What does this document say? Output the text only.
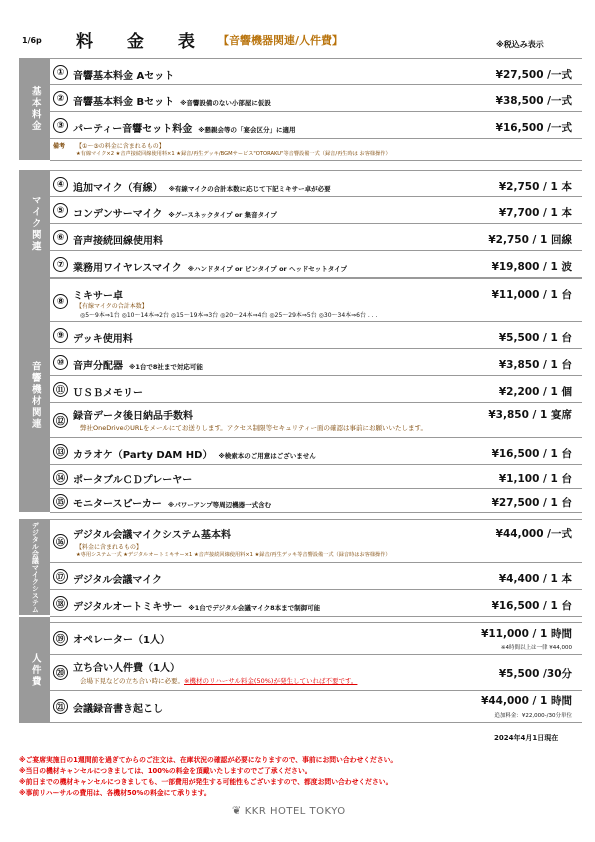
1/6p 料 金 表 【音響機器関連/人件費】	※税込み表示
基本料金
マイク関連
音響機材関連
デジタル会議マイクシステム
人件費
① 音響基本料金 Aセット	¥27,500 /一式
② 音響基本料金 Bセット ※音響設備のない小部屋に仮設	¥38,500 /一式
③ パーティー音響セット料金 ※懇親会等の「宴会区分」に適用	¥16,500 /一式
備考 【①～③の料金に含まれるもの】
★有線マイク×2 ★音声接続回線使用料×1 ★録音/再生デッキ/BGMサービス"OTORAKU"等音響設備一式（録音/再生時は お客様操作）
④ 追加マイク（有線） ※有線マイクの合計本数に応じて下記ミキサー卓が必要	¥2,750 / 1 本
⑤ コンデンサーマイク ※グースネックタイプ or 集音タイプ	¥7,700 / 1 本
⑥ 音声接続回線使用料	¥2,750 / 1 回線
⑦ 業務用ワイヤレスマイク ※ハンドタイプ or ピンタイプ or ヘッドセットタイプ	¥19,800 / 1 波
⑧ ミキサー卓	¥11,000 / 1 台
【有線マイクの合計本数】
◎5～9本⇒1台 ◎10～14本⇒2台 ◎15～19本⇒3台 ◎20～24本⇒4台 ◎25～29本⇒5台 ◎30～34本⇒6台 . . .
⑨ デッキ使用料	¥5,500 / 1 台
⑩ 音声分配器 ※1台で8社まで対応可能	¥3,850 / 1 台
⑪ ＵＳＢメモリー	¥2,200 / 1 個
⑫ 録音データ後日納品手数料	¥3,850 / 1 宴席
弊社OneDriveのURLをメールにてお送りします。アクセス制限等セキュリティー面の確認は事前にお願いいたします。
⑬ カラオケ（Party DAM HD） ※検索本のご用意はございません	¥16,500 / 1 台
⑭ ポータブルＣＤプレーヤー	¥1,100 / 1 台
⑮ モニタースピーカー ※パワーアンプ等周辺機器一式含む	¥27,500 / 1 台
⑯
デジタル会議マイクシステム基本料	¥44,000 /一式
【料金に含まれるもの】
★専用システム一式 ★デジタルオートミキサー×1 ★音声接続回線使用料×1 ★録音/再生デッキ等音響設備一式（録音時はお客様操作）
⑰ デジタル会議マイク	¥4,400 / 1 本
⑱ デジタルオートミキサー ※1台でデジタル会議マイク8本まで制御可能	¥16,500 / 1 台
⑲ オペレーター（1人）
¥11,000 / 1 時間
※4時間以上は一律 ¥44,000
⑳ 立ち合い人件費（1人）	¥5,500 /30分
会場下見などの立ち合い時に必要。※機材のリハーサル料金(50%)が発生していれば不要です。
㉑ 会議録音書き起こし
¥44,000 / 1 時間
追加料金：¥22,000-/30分単位
2024年4月1日現在
※ご宴席実施日の1週間前を過ぎてからのご注文は、在庫状況の確認が必要になりますので、事前にお問い合わせください。
※当日の機材キャンセルにつきましては、100%の料金を頂戴いたしますのでご了承ください。
※前日までの機材キャンセルにつきましても、一部費用が発生する可能性もございますので、都度お問い合わせください。
※事前リハーサルの費用は、各機材50%の料金にて承ります。
❦ KKR HOTEL TOKYO
